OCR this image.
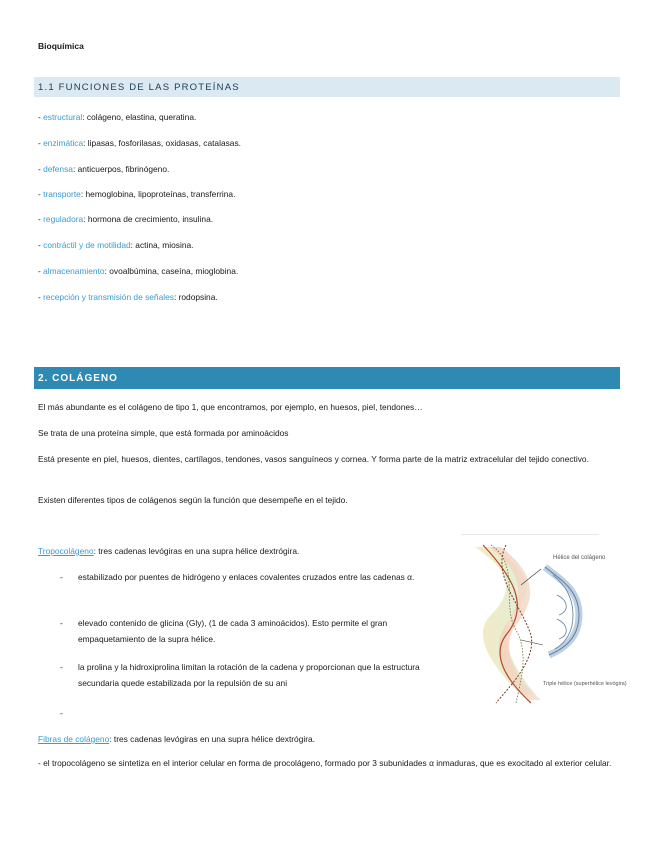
Bioquímica
1.1 FUNCIONES DE LAS PROTEÍNAS
- estructural: colágeno, elastina, queratina.
- enzimática: lipasas, fosforilasas, oxidasas, catalasas.
- defensa: anticuerpos, fibrinógeno.
- transporte: hemoglobina, lipoproteínas, transferrina.
- reguladora: hormona de crecimiento, insulina.
- contráctil y de motilidad: actina, miosina.
- almacenamiento: ovoalbúmina, caseína, mioglobina.
- recepción y transmisión de señales: rodopsina.
2. COLÁGENO
El más abundante es el colágeno de tipo 1, que encontramos, por ejemplo, en huesos, piel, tendones…
Se trata de una proteína simple, que está formada por aminoácidos
Está presente en piel, huesos, dientes, cartílagos, tendones, vasos sanguíneos y cornea. Y forma parte de la matriz extracelular del tejido conectivo.
Existen diferentes tipos de colágenos según la función que desempeñe en el tejido.
Tropocolágeno: tres cadenas levógiras en una supra hélice dextrógira.
- estabilizado por puentes de hidrógeno y enlaces covalentes cruzados entre las cadenas α.
- elevado contenido de glicina (Gly), (1 de cada 3 aminoácidos). Esto permite el gran empaquetamiento de la supra hélice.
- la prolina y la hidroxiprolina limitan la rotación de la cadena y proporcionan que la estructura secundaria quede estabilizada por la repulsión de su ani
-
Fibras de colágeno: tres cadenas levógiras en una supra hélice dextrógira.
- el tropocolágeno se sintetiza en el interior celular en forma de procolágeno, formado por 3 subunidades α inmaduras, que es exocitado al exterior celular.
Hélice del colágeno
Triple hélice (superhélice levógira)
